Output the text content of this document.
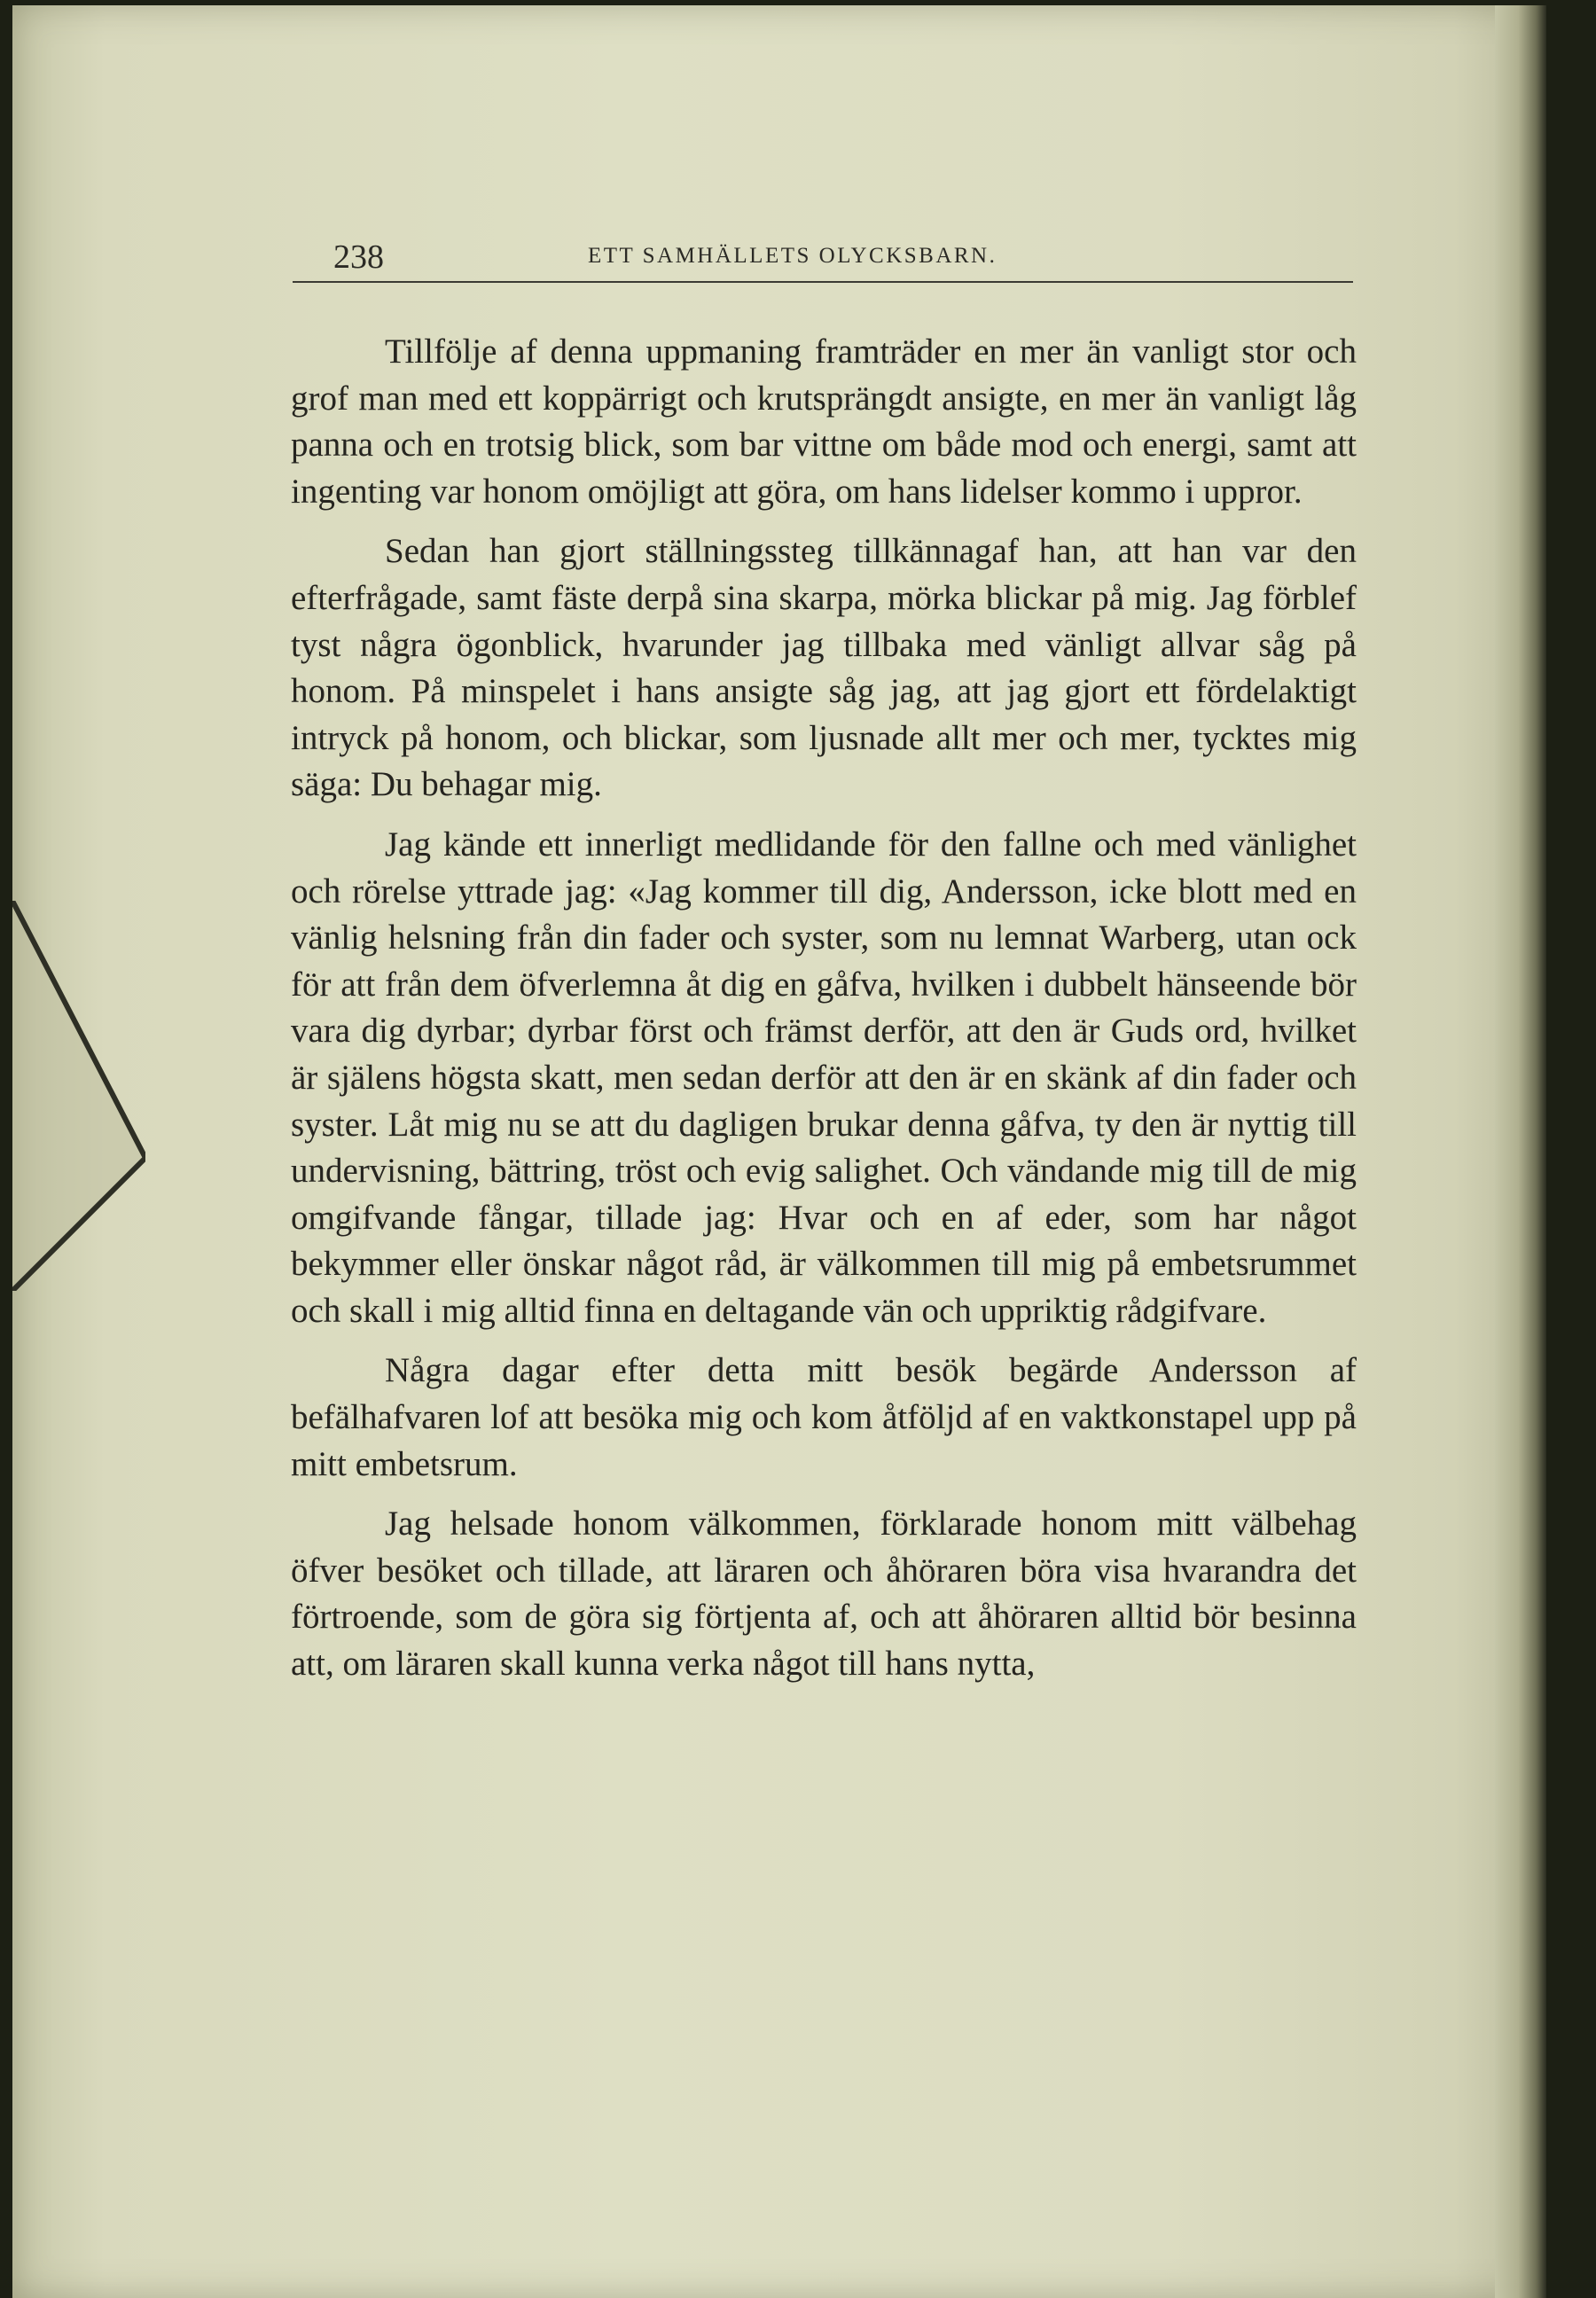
238	ETT SAMHÄLLETS OLYCKSBARN.

Tillfölje af denna uppmaning framträder en mer än vanligt stor och grof man med ett koppärrigt och krutsprängdt ansigte, en mer än vanligt låg panna och en trotsig blick, som bar vittne om både mod och energi, samt att ingenting var honom omöjligt att göra, om hans lidelser kommo i uppror.

Sedan han gjort ställningssteg tillkännagaf han, att han var den efterfrågade, samt fäste derpå sina skarpa, mörka blickar på mig. Jag förblef tyst några ögonblick, hvarunder jag tillbaka med vänligt allvar såg på honom. På minspelet i hans ansigte såg jag, att jag gjort ett fördelaktigt intryck på honom, och blickar, som ljusnade allt mer och mer, tycktes mig säga: Du behagar mig.

Jag kände ett innerligt medlidande för den fallne och med vänlighet och rörelse yttrade jag: «Jag kommer till dig, Andersson, icke blott med en vänlig helsning från din fader och syster, som nu lemnat Warberg, utan ock för att från dem öfverlemna åt dig en gåfva, hvilken i dubbelt hänseende bör vara dig dyrbar; dyrbar först och främst derför, att den är Guds ord, hvilket är själens högsta skatt, men sedan derför att den är en skänk af din fader och syster. Låt mig nu se att du dagligen brukar denna gåfva, ty den är nyttig till undervisning, bättring, tröst och evig salighet. Och vändande mig till de mig omgifvande fångar, tillade jag: Hvar och en af eder, som har något bekymmer eller önskar något råd, är välkommen till mig på embetsrummet och skall i mig alltid finna en deltagande vän och uppriktig rådgifvare.

Några dagar efter detta mitt besök begärde Andersson af befälhafvaren lof att besöka mig och kom åtföljd af en vaktkonstapel upp på mitt embetsrum.

Jag helsade honom välkommen, förklarade honom mitt välbehag öfver besöket och tillade, att läraren och åhöraren böra visa hvarandra det förtroende, som de göra sig förtjenta af, och att åhöraren alltid bör besinna att, om läraren skall kunna verka något till hans nytta,
